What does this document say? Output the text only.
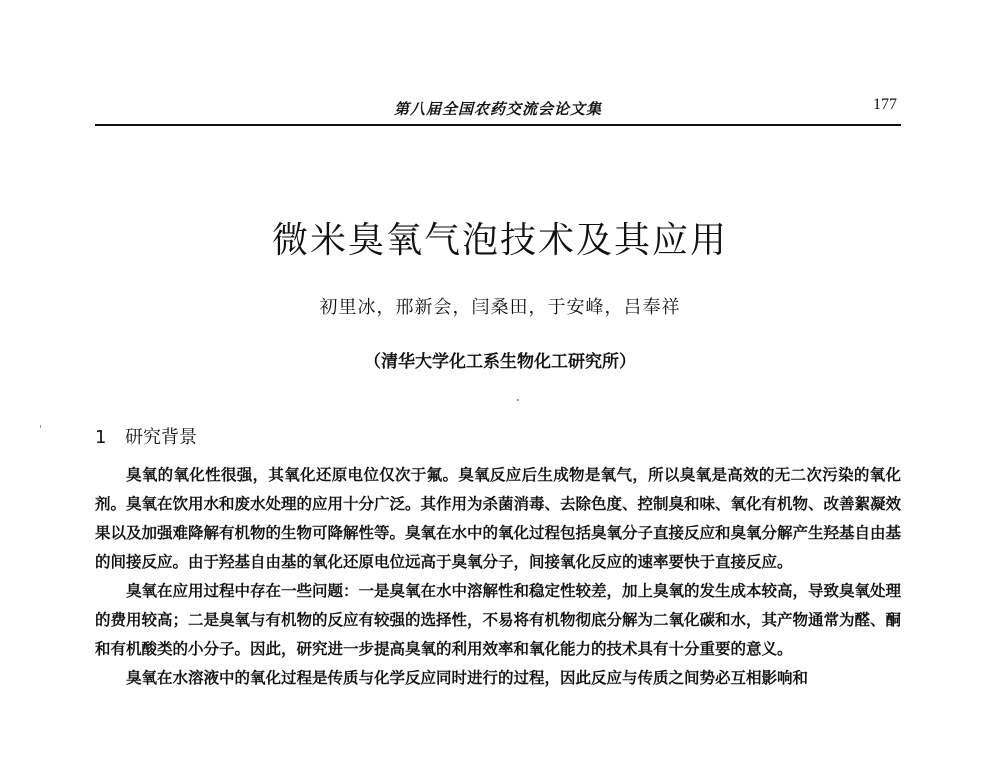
第八届全国农药交流会论文集	177
微米臭氧气泡技术及其应用
初里冰，邢新会，闫桑田，于安峰，吕奉祥
（清华大学化工系生物化工研究所）
1 研究背景

臭氧的氧化性很强，其氧化还原电位仅次于氟。臭氧反应后生成物是氧气，所以臭氧是高效的无二次污染的氧化剂。臭氧在饮用水和废水处理的应用十分广泛。其作用为杀菌消毒、去除色度、控制臭和味、氧化有机物、改善絮凝效果以及加强难降解有机物的生物可降解性等。臭氧在水中的氧化过程包括臭氧分子直接反应和臭氧分解产生羟基自由基的间接反应。由于羟基自由基的氧化还原电位远高于臭氧分子，间接氧化反应的速率要快于直接反应。

臭氧在应用过程中存在一些问题：一是臭氧在水中溶解性和稳定性较差，加上臭氧的发生成本较高，导致臭氧处理的费用较高；二是臭氧与有机物的反应有较强的选择性，不易将有机物彻底分解为二氧化碳和水，其产物通常为醛、酮和有机酸类的小分子。因此，研究进一步提高臭氧的利用效率和氧化能力的技术具有十分重要的意义。

臭氧在水溶液中的氧化过程是传质与化学反应同时进行的过程，因此反应与传质之间势必互相影响和
